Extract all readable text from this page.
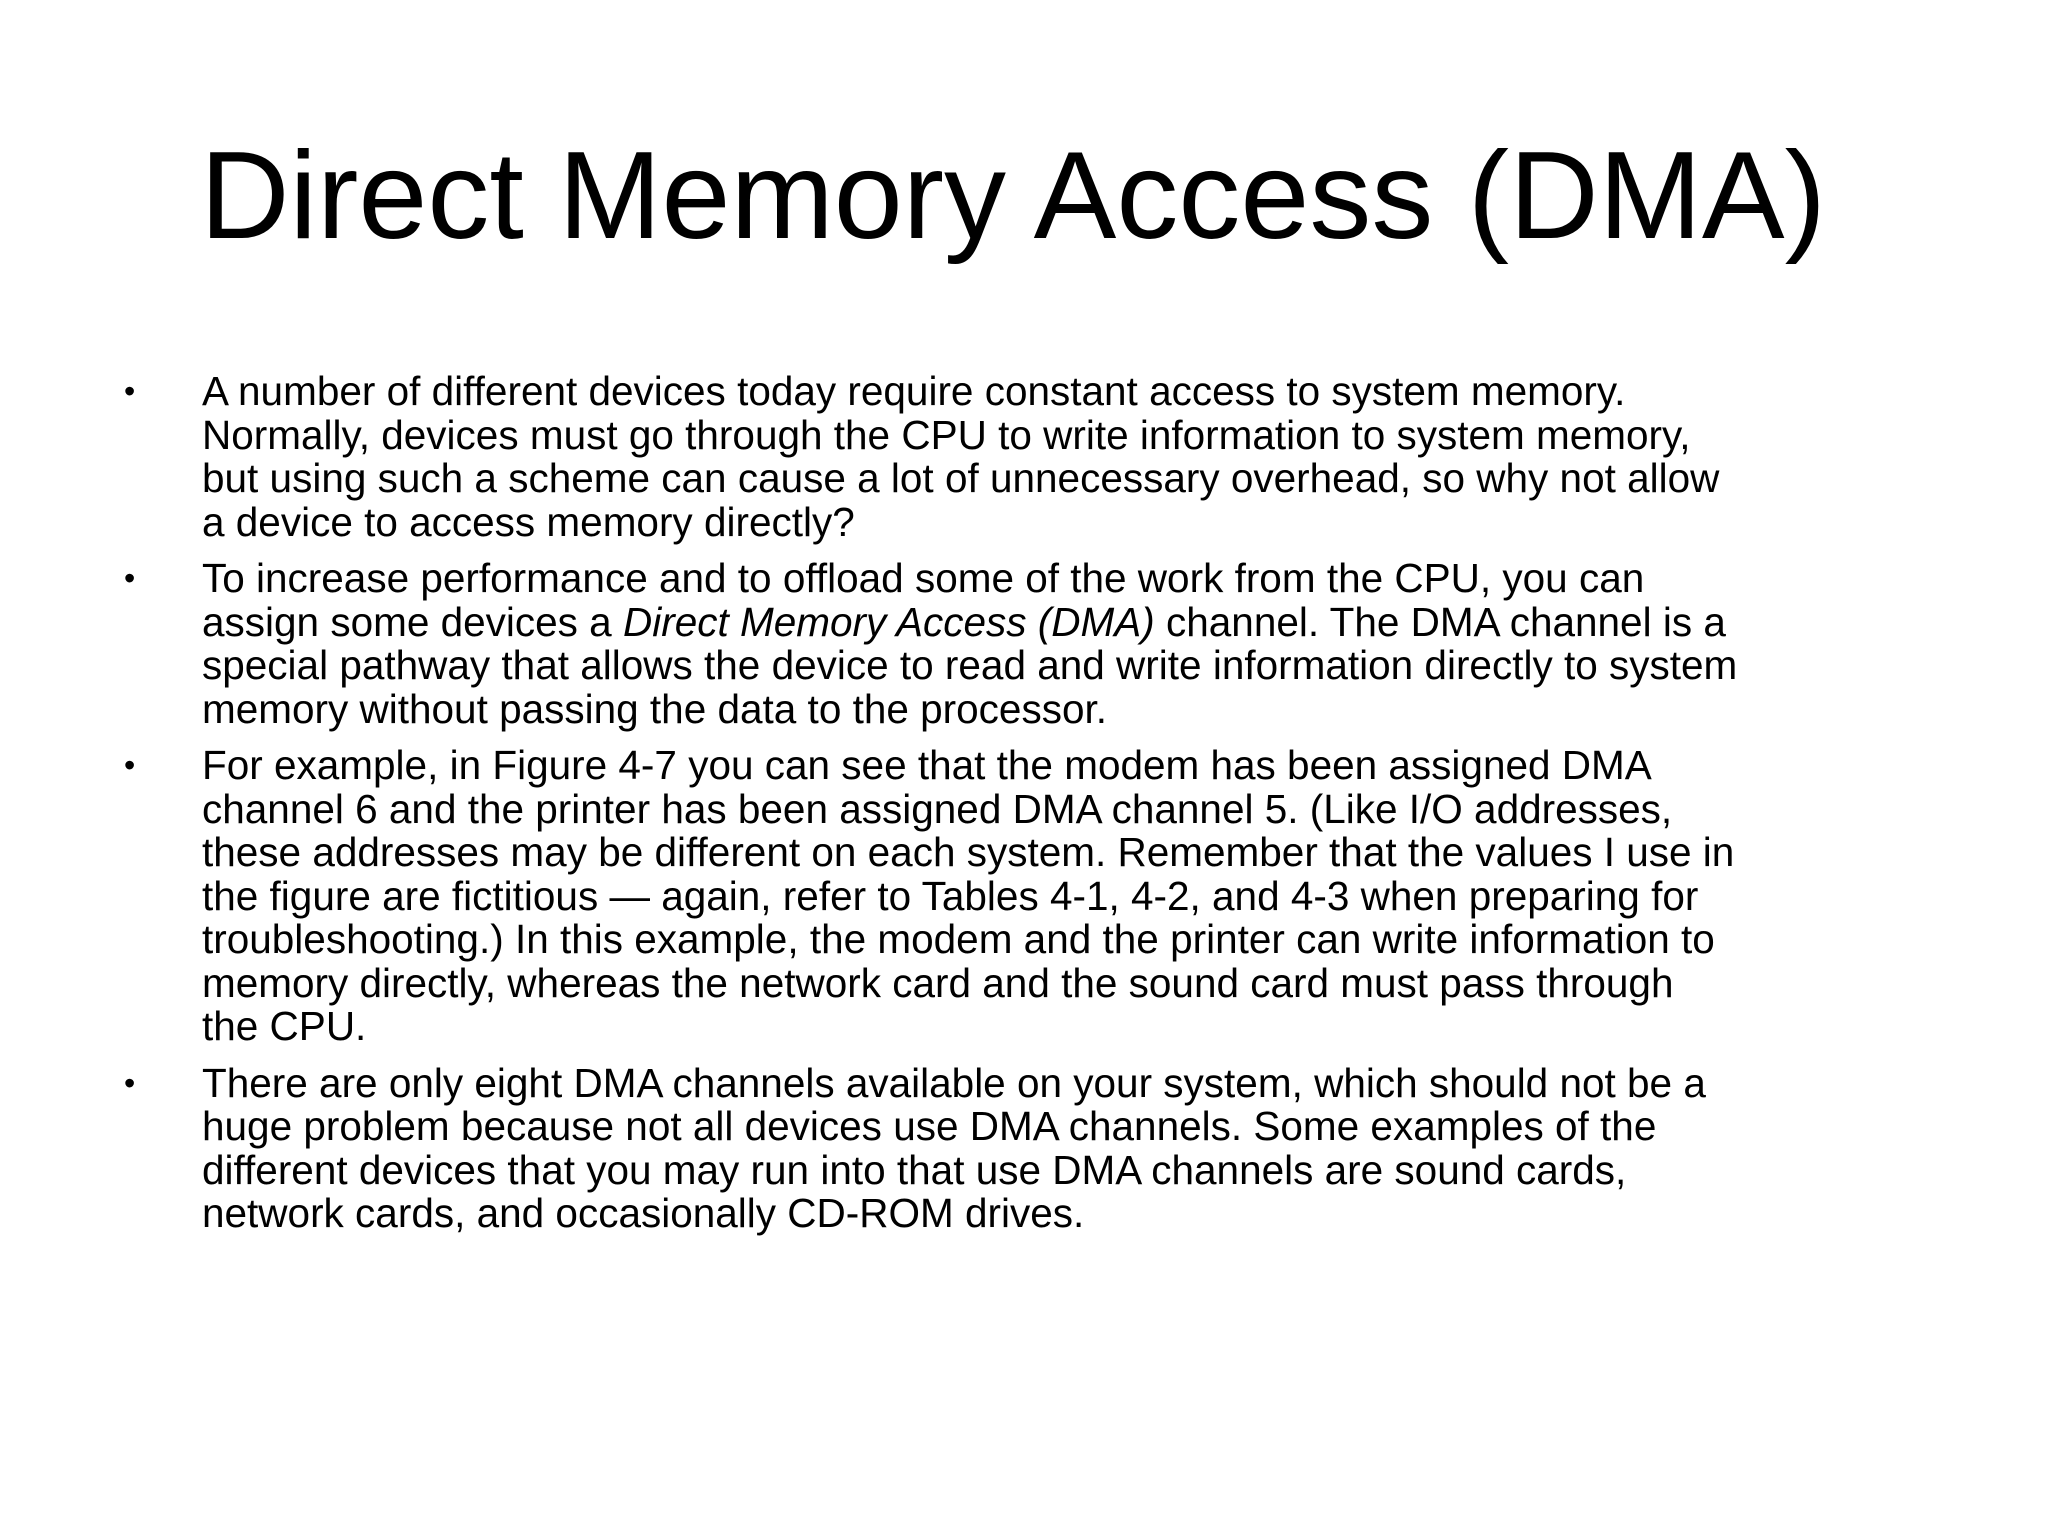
Direct Memory Access (DMA)
• A number of different devices today require constant access to system memory.
Normally, devices must go through the CPU to write information to system memory,
but using such a scheme can cause a lot of unnecessary overhead, so why not allow
a device to access memory directly?
• To increase performance and to offload some of the work from the CPU, you can
assign some devices a Direct Memory Access (DMA) channel. The DMA channel is a
special pathway that allows the device to read and write information directly to system
memory without passing the data to the processor.
• For example, in Figure 4-7 you can see that the modem has been assigned DMA
channel 6 and the printer has been assigned DMA channel 5. (Like I/O addresses,
these addresses may be different on each system. Remember that the values I use in
the figure are fictitious — again, refer to Tables 4-1, 4-2, and 4-3 when preparing for
troubleshooting.) In this example, the modem and the printer can write information to
memory directly, whereas the network card and the sound card must pass through
the CPU.
• There are only eight DMA channels available on your system, which should not be a
huge problem because not all devices use DMA channels. Some examples of the
different devices that you may run into that use DMA channels are sound cards,
network cards, and occasionally CD-ROM drives.
